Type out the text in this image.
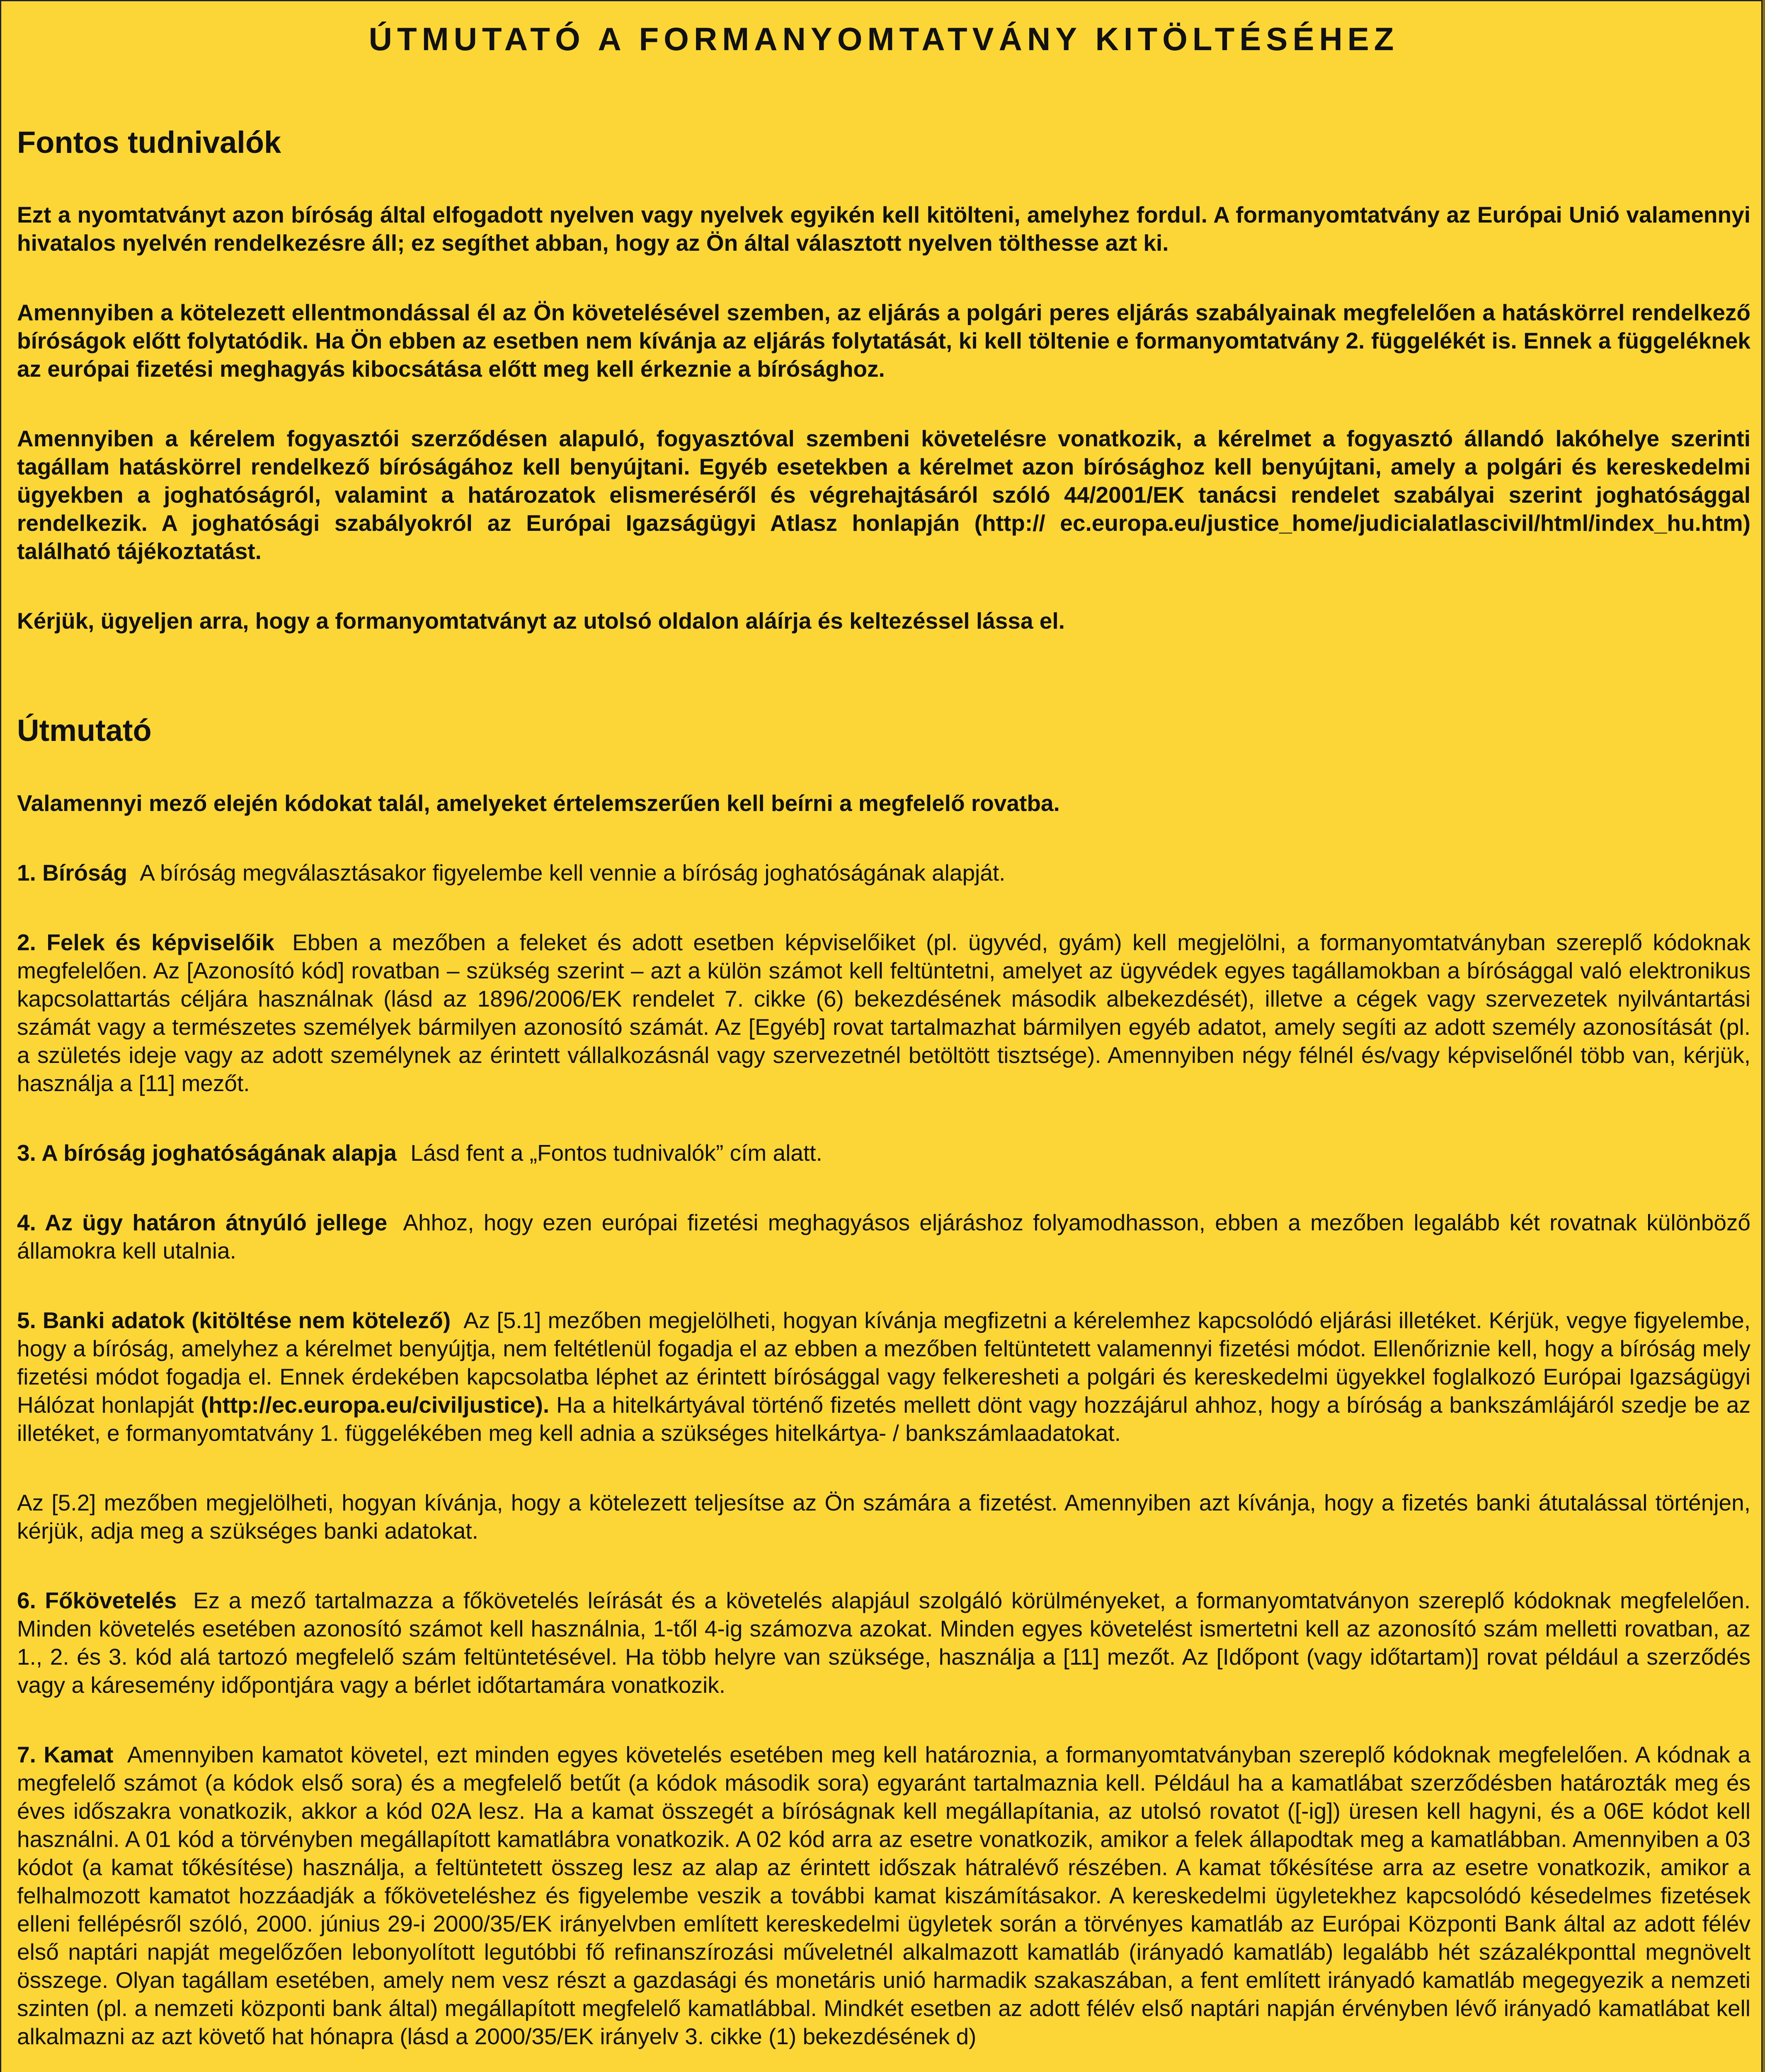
ÚTMUTATÓ A FORMANYOMTATVÁNY KITÖLTÉSÉHEZ
Fontos tudnivalók

Ezt a nyomtatványt azon bíróság által elfogadott nyelven vagy nyelvek egyikén kell kitölteni, amelyhez fordul. A formanyomtatvány az Európai Unió valamennyi hivatalos nyelvén rendelkezésre áll; ez segíthet abban, hogy az Ön által választott nyelven tölthesse azt ki.

Amennyiben a kötelezett ellentmondással él az Ön követelésével szemben, az eljárás a polgári peres eljárás szabályainak megfelelően a hatáskörrel rendelkező bíróságok előtt folytatódik. Ha Ön ebben az esetben nem kívánja az eljárás folytatását, ki kell töltenie e formanyomtatvány 2. függelékét is. Ennek a függeléknek az európai fizetési meghagyás kibocsátása előtt meg kell érkeznie a bírósághoz.

Amennyiben a kérelem fogyasztói szerződésen alapuló, fogyasztóval szembeni követelésre vonatkozik, a kérelmet a fogyasztó állandó lakóhelye szerinti tagállam hatáskörrel rendelkező bíróságához kell benyújtani. Egyéb esetekben a kérelmet azon bírósághoz kell benyújtani, amely a polgári és kereskedelmi ügyekben a joghatóságról, valamint a határozatok elismeréséről és végrehajtásáról szóló 44/2001/EK tanácsi rendelet szabályai szerint joghatósággal rendelkezik. A joghatósági szabályokról az Európai Igazságügyi Atlasz honlapján (http:// ec.europa.eu/justice_home/judicialatlascivil/html/index_hu.htm) található tájékoztatást.

Kérjük, ügyeljen arra, hogy a formanyomtatványt az utolsó oldalon aláírja és keltezéssel lássa el.

Útmutató

Valamennyi mező elején kódokat talál, amelyeket értelemszerűen kell beírni a megfelelő rovatba.

1. Bíróság A bíróság megválasztásakor figyelembe kell vennie a bíróság joghatóságának alapját.

2. Felek és képviselőik Ebben a mezőben a feleket és adott esetben képviselőiket (pl. ügyvéd, gyám) kell megjelölni, a formanyomtatványban szereplő kódoknak megfelelően. Az [Azonosító kód] rovatban – szükség szerint – azt a külön számot kell feltüntetni, amelyet az ügyvédek egyes tagállamokban a bírósággal való elektronikus kapcsolattartás céljára használnak (lásd az 1896/2006/EK rendelet 7. cikke (6) bekezdésének második albekezdését), illetve a cégek vagy szervezetek nyilvántartási számát vagy a természetes személyek bármilyen azonosító számát. Az [Egyéb] rovat tartalmazhat bármilyen egyéb adatot, amely segíti az adott személy azonosítását (pl. a születés ideje vagy az adott személynek az érintett vállalkozásnál vagy szervezetnél betöltött tisztsége). Amennyiben négy félnél és/vagy képviselőnél több van, kérjük, használja a [11] mezőt.

3. A bíróság joghatóságának alapja Lásd fent a „Fontos tudnivalók” cím alatt.

4. Az ügy határon átnyúló jellege Ahhoz, hogy ezen európai fizetési meghagyásos eljáráshoz folyamodhasson, ebben a mezőben legalább két rovatnak különböző államokra kell utalnia.

5. Banki adatok (kitöltése nem kötelező) Az [5.1] mezőben megjelölheti, hogyan kívánja megfizetni a kérelemhez kapcsolódó eljárási illetéket. Kérjük, vegye figyelembe, hogy a bíróság, amelyhez a kérelmet benyújtja, nem feltétlenül fogadja el az ebben a mezőben feltüntetett valamennyi fizetési módot. Ellenőriznie kell, hogy a bíróság mely fizetési módot fogadja el. Ennek érdekében kapcsolatba léphet az érintett bírósággal vagy felkeresheti a polgári és kereskedelmi ügyekkel foglalkozó Európai Igazságügyi Hálózat honlapját (http://ec.europa.eu/civiljustice). Ha a hitelkártyával történő fizetés mellett dönt vagy hozzájárul ahhoz, hogy a bíróság a bankszámlájáról szedje be az illetéket, e formanyomtatvány 1. függelékében meg kell adnia a szükséges hitelkártya- / bankszámlaadatokat.

Az [5.2] mezőben megjelölheti, hogyan kívánja, hogy a kötelezett teljesítse az Ön számára a fizetést. Amennyiben azt kívánja, hogy a fizetés banki átutalással történjen, kérjük, adja meg a szükséges banki adatokat.

6. Főkövetelés Ez a mező tartalmazza a főkövetelés leírását és a követelés alapjául szolgáló körülményeket, a formanyomtatványon szereplő kódoknak megfelelően. Minden követelés esetében azonosító számot kell használnia, 1-től 4-ig számozva azokat. Minden egyes követelést ismertetni kell az azonosító szám melletti rovatban, az 1., 2. és 3. kód alá tartozó megfelelő szám feltüntetésével. Ha több helyre van szüksége, használja a [11] mezőt. Az [Időpont (vagy időtartam)] rovat például a szerződés vagy a káresemény időpontjára vagy a bérlet időtartamára vonatkozik.

7. Kamat Amennyiben kamatot követel, ezt minden egyes követelés esetében meg kell határoznia, a formanyomtatványban szereplő kódoknak megfelelően. A kódnak a megfelelő számot (a kódok első sora) és a megfelelő betűt (a kódok második sora) egyaránt tartalmaznia kell. Például ha a kamatlábat szerződésben határozták meg és éves időszakra vonatkozik, akkor a kód 02A lesz. Ha a kamat összegét a bíróságnak kell megállapítania, az utolsó rovatot ([-ig]) üresen kell hagyni, és a 06E kódot kell használni. A 01 kód a törvényben megállapított kamatlábra vonatkozik. A 02 kód arra az esetre vonatkozik, amikor a felek állapodtak meg a kamatlábban. Amennyiben a 03 kódot (a kamat tőkésítése) használja, a feltüntetett összeg lesz az alap az érintett időszak hátralévő részében. A kamat tőkésítése arra az esetre vonatkozik, amikor a felhalmozott kamatot hozzáadják a főköveteléshez és figyelembe veszik a további kamat kiszámításakor. A kereskedelmi ügyletekhez kapcsolódó késedelmes fizetések elleni fellépésről szóló, 2000. június 29-i 2000/35/EK irányelvben említett kereskedelmi ügyletek során a törvényes kamatláb az Európai Központi Bank által az adott félév első naptári napját megelőzően lebonyolított legutóbbi fő refinanszírozási műveletnél alkalmazott kamatláb (irányadó kamatláb) legalább hét százalékponttal megnövelt összege. Olyan tagállam esetében, amely nem vesz részt a gazdasági és monetáris unió harmadik szakaszában, a fent említett irányadó kamatláb megegyezik a nemzeti szinten (pl. a nemzeti központi bank által) megállapított megfelelő kamatlábbal. Mindkét esetben az adott félév első naptári napján érvényben lévő irányadó kamatlábat kell alkalmazni az azt követő hat hónapra (lásd a 2000/35/EK irányelv 3. cikke (1) bekezdésének d)
